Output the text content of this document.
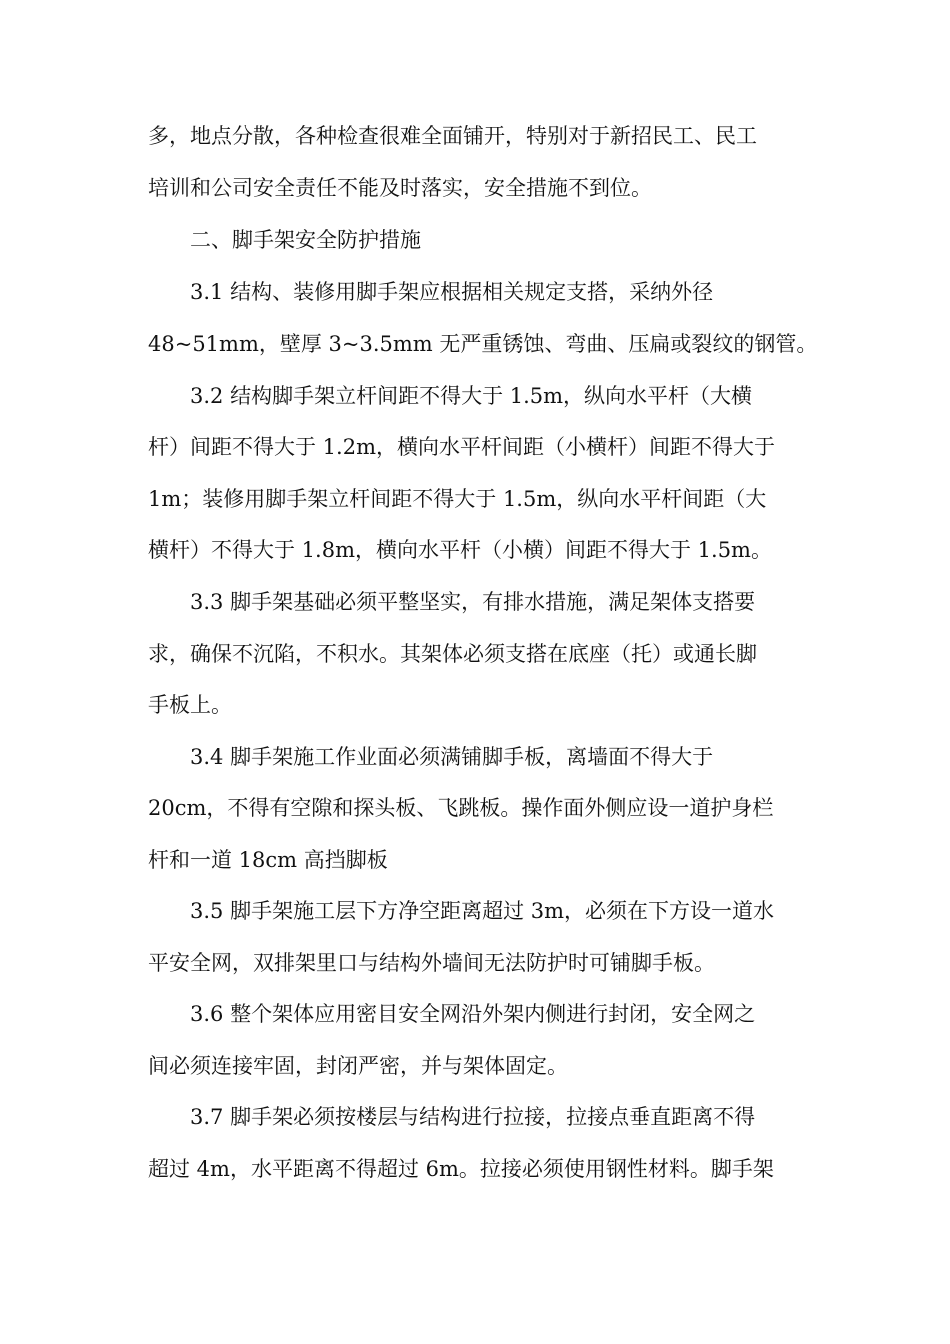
多，地点分散，各种检查很难全面铺开，特别对于新招民工、民工
培训和公司安全责任不能及时落实，安全措施不到位。
二、脚手架安全防护措施
3.1 结构、装修用脚手架应根据相关规定支搭，采纳外径
48~51mm，壁厚 3~3.5mm 无严重锈蚀、弯曲、压扁或裂纹的钢管。
3.2 结构脚手架立杆间距不得大于 1.5m，纵向水平杆（大横
杆）间距不得大于 1.2m，横向水平杆间距（小横杆）间距不得大于
1m；装修用脚手架立杆间距不得大于 1.5m，纵向水平杆间距（大
横杆）不得大于 1.8m，横向水平杆（小横）间距不得大于 1.5m。
3.3 脚手架基础必须平整坚实，有排水措施，满足架体支搭要
求，确保不沉陷，不积水。其架体必须支搭在底座（托）或通长脚
手板上。
3.4 脚手架施工作业面必须满铺脚手板，离墙面不得大于
20cm，不得有空隙和探头板、飞跳板。操作面外侧应设一道护身栏
杆和一道 18cm 高挡脚板
3.5 脚手架施工层下方净空距离超过 3m，必须在下方设一道水
平安全网，双排架里口与结构外墙间无法防护时可铺脚手板。
3.6 整个架体应用密目安全网沿外架内侧进行封闭，安全网之
间必须连接牢固，封闭严密，并与架体固定。
3.7 脚手架必须按楼层与结构进行拉接，拉接点垂直距离不得
超过 4m，水平距离不得超过 6m。拉接必须使用钢性材料。脚手架
